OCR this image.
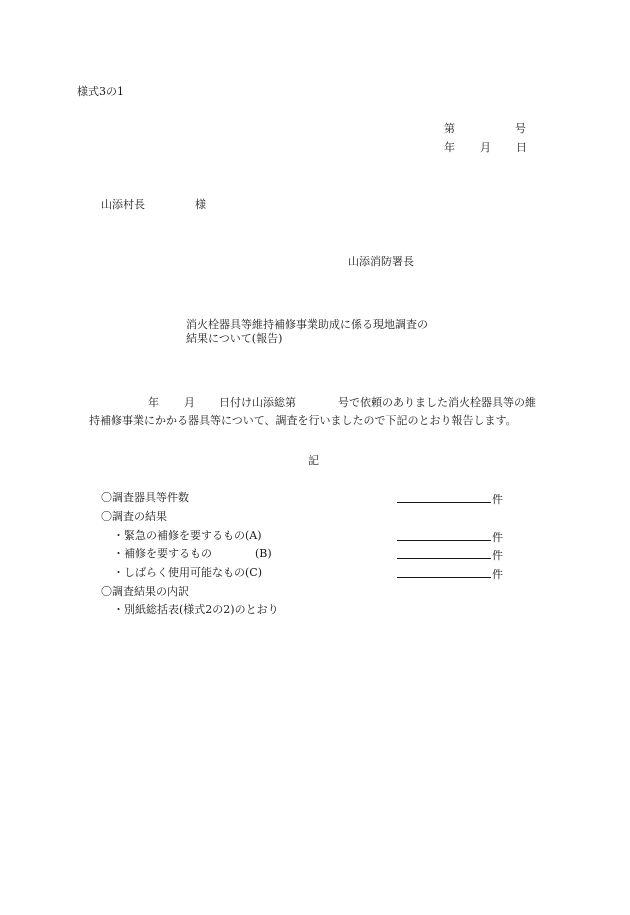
様式3の1
第	号
年 月 日
山添村長	様
山添消防署長
消火栓器具等維持補修事業助成に係る現地調査の
結果について(報告)
年 月 日付け山添総第	号で依頼のありました消火栓器具等の維
持補修事業にかかる器具等について、調査を行いましたので下記のとおり報告します。
記
〇調査器具等件数	件
〇調査の結果
・緊急の補修を要するもの(A)	件
・補修を要するもの	(B)	件
・しばらく使用可能なもの(C)	件
〇調査結果の内訳
・別紙総括表(様式2の2)のとおり
